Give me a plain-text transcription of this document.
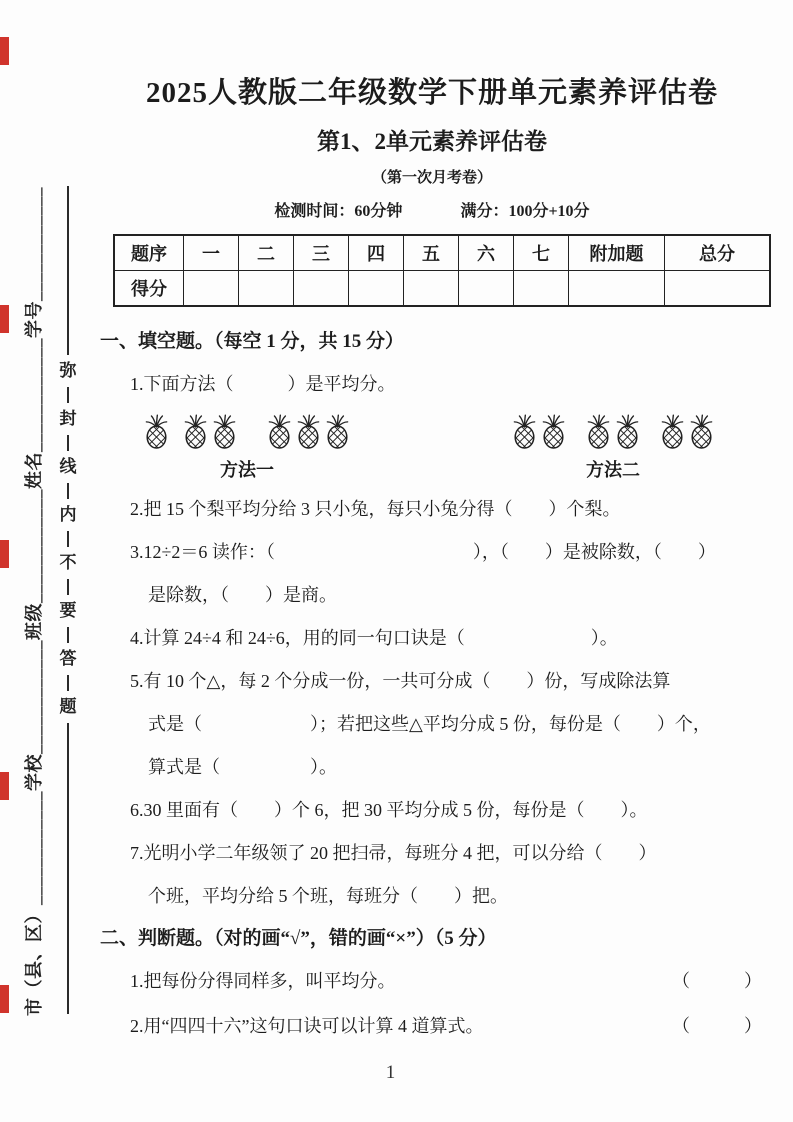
市（县、区）____________学校____________班级____________姓名____________学号____________ 弥
封
线
内
不
要
答
题
2025人教版二年级数学下册单元素养评估卷
第1、2单元素养评估卷
（第一次月考卷）
检测时间：60分钟	满分：100分+10分
题序	一	二	三	四	五	六	七	附加题	总分
得分									
一、填空题。（每空 1 分，共 15 分）

1.下面方法（　　　）是平均分。

方法一	方法二

2.把 15 个梨平均分给 3 只小兔，每只小兔分得（　　）个梨。

3.12÷2＝6 读作：（　　　　　　　　　　　），（　　）是被除数，（　　）

是除数，（　　）是商。

4.计算 24÷4 和 24÷6，用的同一句口诀是（　　　　　　　）。

5.有 10 个△，每 2 个分成一份，一共可分成（　　）份，写成除法算

式是（　　　　　　）；若把这些△平均分成 5 份，每份是（　　）个，

算式是（　　　　　）。

6.30 里面有（　　）个 6，把 30 平均分成 5 份，每份是（　　）。

7.光明小学二年级领了 20 把扫帚，每班分 4 把，可以分给（　　）

个班，平均分给 5 个班，每班分（　　）把。

二、判断题。（对的画“√”，错的画“×”）（5 分）
1.把每份分得同样多，叫平均分。	（　　　）
2.用“四四十六”这句口诀可以计算 4 道算式。	（　　　）
1
